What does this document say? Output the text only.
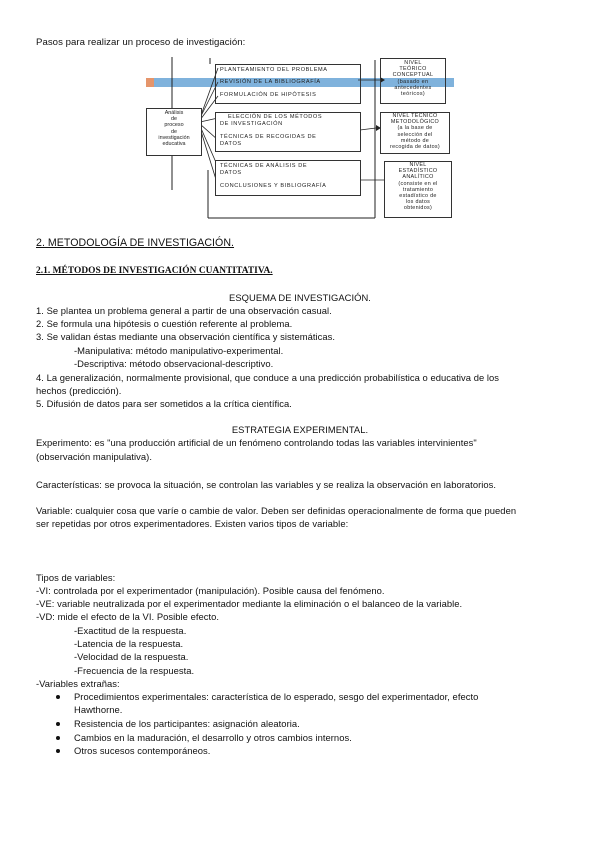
Pasos para realizar un proceso de investigación:
Análisis
de
proceso
de
investigación
educativa
PLANTEAMIENTO DEL PROBLEMA
REVISIÓN DE LA BIBLIOGRAFÍA
FORMULACIÓN DE HIPÓTESIS
ELECCIÓN DE LOS MÉTODOS
DE INVESTIGACIÓN
TÉCNICAS DE RECOGIDAS DE
DATOS
TÉCNICAS DE ANÁLISIS DE
DATOS
CONCLUSIONES Y BIBLIOGRAFÍA
NIVEL
TEÓRICO
CONCEPTUAL
(basado en
antecedentes
teóricos)
NIVEL TÉCNICO
METODOLÓGICO
(a la base de
selección del
método de
recogida de datos)
NIVEL
ESTADÍSTICO
ANALÍTICO
(consiste en el
tratamiento
estadístico de
los datos
obtenidos)
2. METODOLOGÍA DE INVESTIGACIÓN.
2.1. MÉTODOS DE INVESTIGACIÓN CUANTITATIVA.
ESQUEMA DE INVESTIGACIÓN.
1. Se plantea un problema general a partir de una observación casual.
2. Se formula una hipótesis o cuestión referente al problema.
3. Se validan éstas mediante una observación científica y sistemáticas.
-Manipulativa: método manipulativo-experimental.
-Descriptiva: método observacional-descriptivo.
4. La generalización, normalmente provisional, que conduce a una predicción probabilística o educativa de los
hechos (predicción).
5. Difusión de datos para ser sometidos a la crítica científica.
ESTRATEGIA EXPERIMENTAL.
Experimento: es "una producción artificial de un fenómeno controlando todas las variables intervinientes"
(observación manipulativa).
Características: se provoca la situación, se controlan las variables y se realiza la observación en laboratorios.
Variable: cualquier cosa que varíe o cambie de valor. Deben ser definidas operacionalmente de forma que pueden
ser repetidas por otros experimentadores. Existen varios tipos de variable:
Tipos de variables:
-VI: controlada por el experimentador (manipulación). Posible causa del fenómeno.
-VE: variable neutralizada por el experimentador mediante la eliminación o el balanceo de la variable.
-VD: mide el efecto de la VI. Posible efecto.
-Exactitud de la respuesta.
-Latencia de la respuesta.
-Velocidad de la respuesta.
-Frecuencia de la respuesta.
-Variables extrañas:
Procedimientos experimentales: característica de lo esperado, sesgo del experimentador, efecto
Hawthorne.
Resistencia de los participantes: asignación aleatoria.
Cambios en la maduración, el desarrollo y otros cambios internos.
Otros sucesos contemporáneos.
